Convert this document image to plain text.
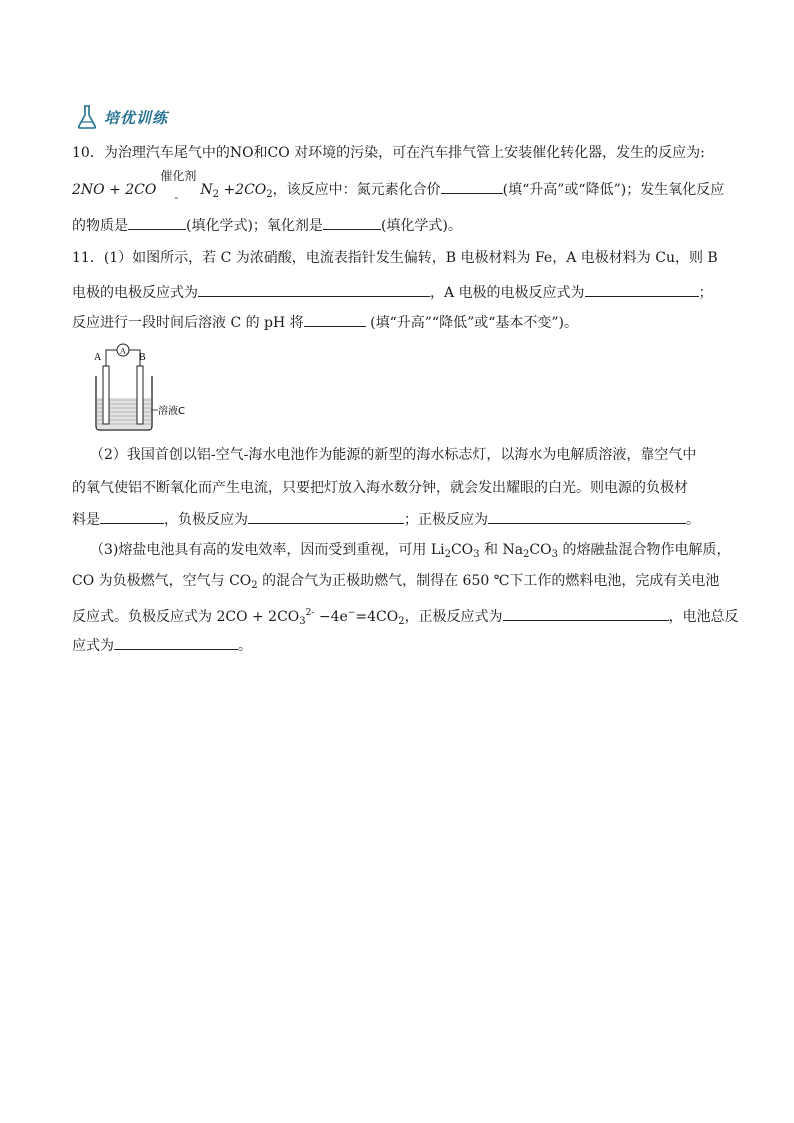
培优训练
10．为治理汽车尾气中的NO和CO 对环境的污染，可在汽车排气管上安装催化转化器，发生的反应为:
2NO + 2CO
催化剂
- $N_2 +2CO_2$，该反应中：氮元素化合价	(填“升高”或“降低”)；发生氧化反应
的物质是	(填化学式)；氧化剂是	(填化学式)。
11．(1）如图所示，若 C 为浓硝酸，电流表指针发生偏转，B 电极材料为 Fe，A 电极材料为 Cu，则 B
电极的电极反应式为	，A 电极的电极反应式为	；
反应进行一段时间后溶液 C 的 pH 将	(填“升高”“降低”或“基本不变”)。
A	B
A
溶液C
（2）我国首创以铝-空气-海水电池作为能源的新型的海水标志灯，以海水为电解质溶液，靠空气中
的氧气使铝不断氧化而产生电流，只要把灯放入海水数分钟，就会发出耀眼的白光。则电源的负极材
料是	，负极反应为	；正极反应为	。
（3)熔盐电池具有高的发电效率，因而受到重视，可用 $Li_2CO_3$ 和 $Na_2CO_3$ 的熔融盐混合物作电解质，
CO 为负极燃气，空气与 $CO_2$ 的混合气为正极助燃气，制得在 650 ℃下工作的燃料电池，完成有关电池
反应式。负极反应式为 $2CO + 2CO_3^{2-} -4e^-=4CO_2$，正极反应式为	，电池总反
应式为	。
